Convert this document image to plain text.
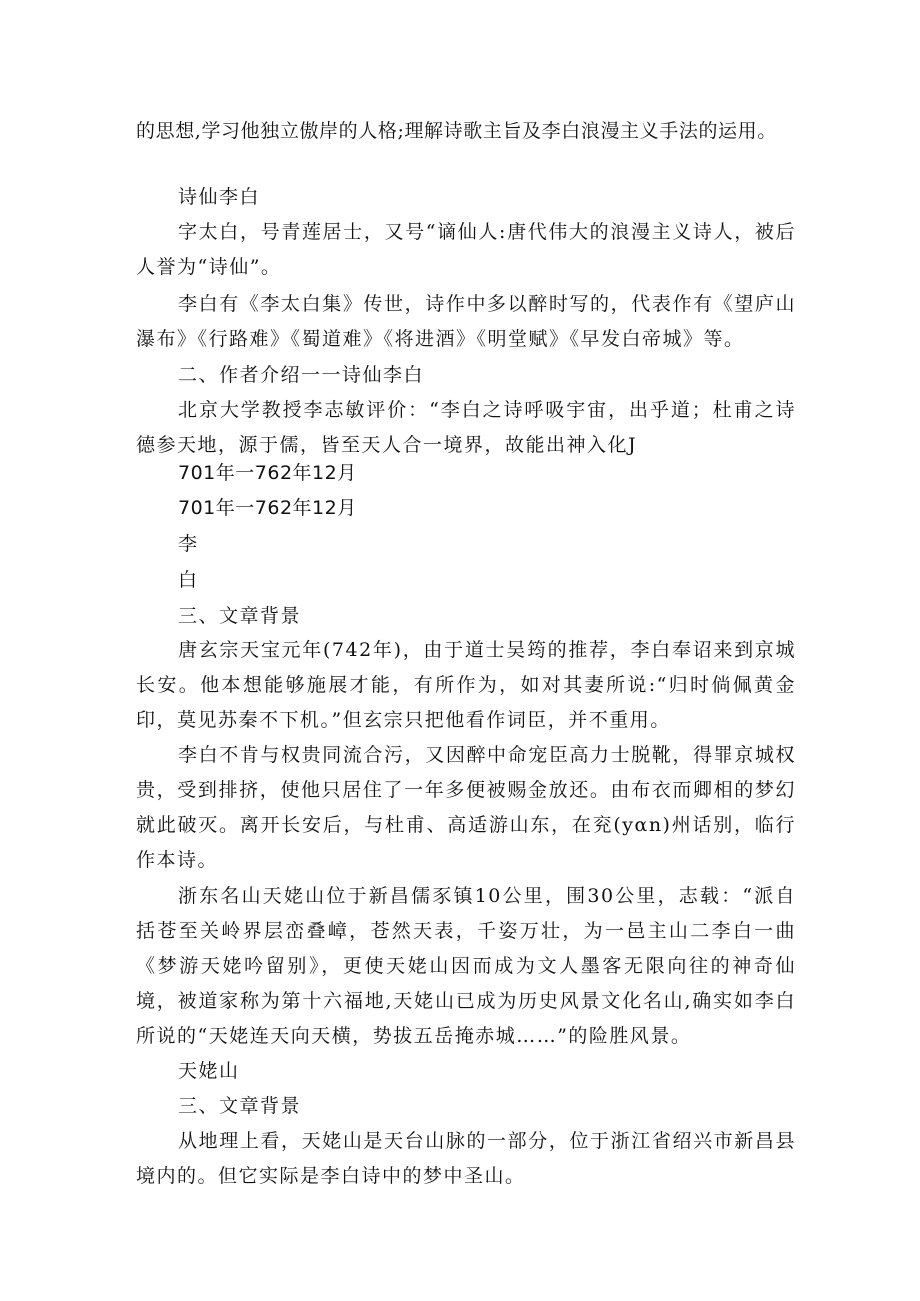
的思想,学习他独立傲岸的人格;理解诗歌主旨及李白浪漫主义手法的运用。

诗仙李白

字太白，号青莲居士，又号“谪仙人:唐代伟大的浪漫主义诗人，被后人誉为“诗仙”。

李白有《李太白集》传世，诗作中多以醉时写的，代表作有《望庐山瀑布》《行路难》《蜀道难》《将进酒》《明堂赋》《早发白帝城》等。

二、作者介绍一一诗仙李白

北京大学教授李志敏评价：“李白之诗呼吸宇宙，出乎道；杜甫之诗德参天地，源于儒，皆至天人合一境界，故能出神入化J

701年一762年12月

701年一762年12月

李

白

三、文章背景

唐玄宗天宝元年(742年)，由于道士吴筠的推荐，李白奉诏来到京城长安。他本想能够施展才能，有所作为，如对其妻所说:“归时倘佩黄金印，莫见苏秦不下机。”但玄宗只把他看作词臣，并不重用。

李白不肯与权贵同流合污，又因醉中命宠臣高力士脱靴，得罪京城权贵，受到排挤，使他只居住了一年多便被赐金放还。由布衣而卿相的梦幻就此破灭。离开长安后，与杜甫、高适游山东，在兖(yαn)州话别，临行作本诗。

浙东名山天姥山位于新昌儒豕镇10公里，围30公里，志载：“派自括苍至关岭界层峦叠嶂，苍然天表，千姿万壮，为一邑主山二李白一曲《梦游天姥吟留别》，更使天姥山因而成为文人墨客无限向往的神奇仙境，被道家称为第十六福地,天姥山已成为历史风景文化名山,确实如李白所说的“天姥连天向天横，势拔五岳掩赤城……”的险胜风景。

天姥山

三、文章背景

从地理上看，天姥山是天台山脉的一部分，位于浙江省绍兴市新昌县境内的。但它实际是李白诗中的梦中圣山。
